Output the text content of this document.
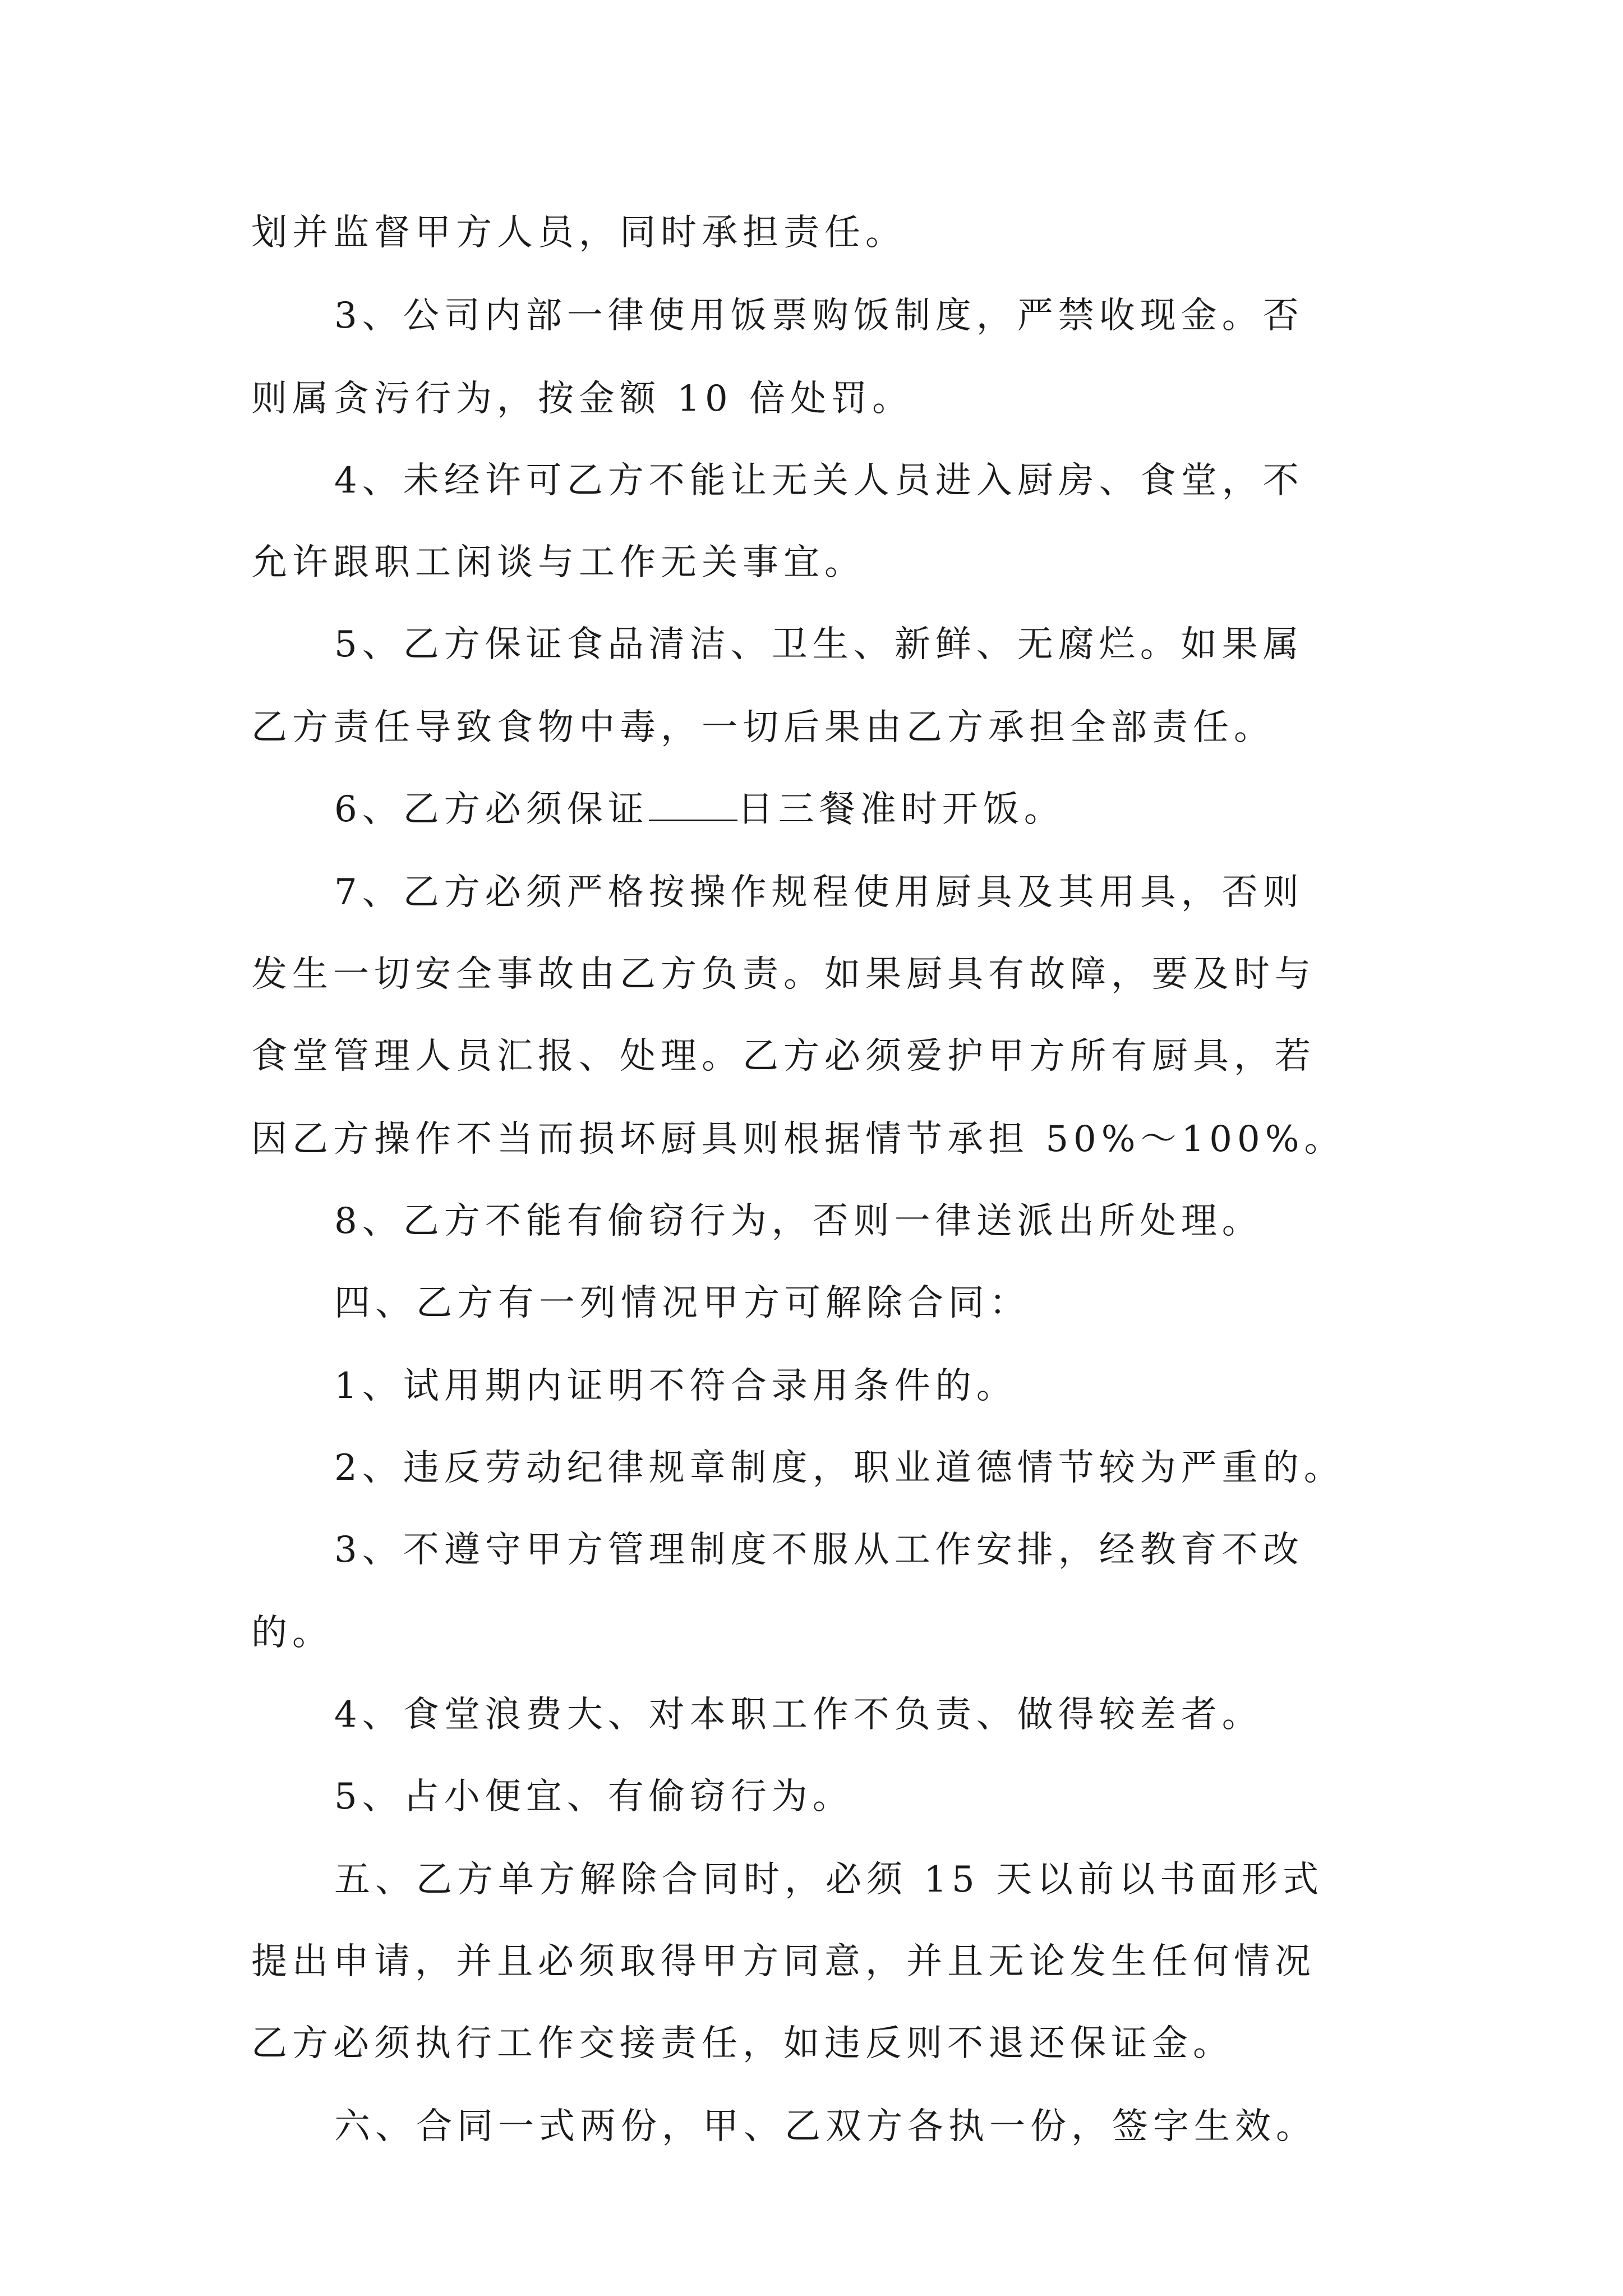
划并监督甲方人员，同时承担责任。
3、公司内部一律使用饭票购饭制度，严禁收现金。否
则属贪污行为，按金额 10 倍处罚。
4、未经许可乙方不能让无关人员进入厨房、食堂，不
允许跟职工闲谈与工作无关事宜。
5、乙方保证食品清洁、卫生、新鲜、无腐烂。如果属
乙方责任导致食物中毒，一切后果由乙方承担全部责任。
6、乙方必须保证 日三餐准时开饭。
7、乙方必须严格按操作规程使用厨具及其用具，否则
发生一切安全事故由乙方负责。如果厨具有故障，要及时与
食堂管理人员汇报、处理。乙方必须爱护甲方所有厨具，若
因乙方操作不当而损坏厨具则根据情节承担 50%～100%。
8、乙方不能有偷窃行为，否则一律送派出所处理。
四、乙方有一列情况甲方可解除合同：
1、试用期内证明不符合录用条件的。
2、违反劳动纪律规章制度，职业道德情节较为严重的。
3、不遵守甲方管理制度不服从工作安排，经教育不改
的。
4、食堂浪费大、对本职工作不负责、做得较差者。
5、占小便宜、有偷窃行为。
五、乙方单方解除合同时，必须 15 天以前以书面形式
提出申请，并且必须取得甲方同意，并且无论发生任何情况
乙方必须执行工作交接责任，如违反则不退还保证金。
六、合同一式两份，甲、乙双方各执一份，签字生效。
